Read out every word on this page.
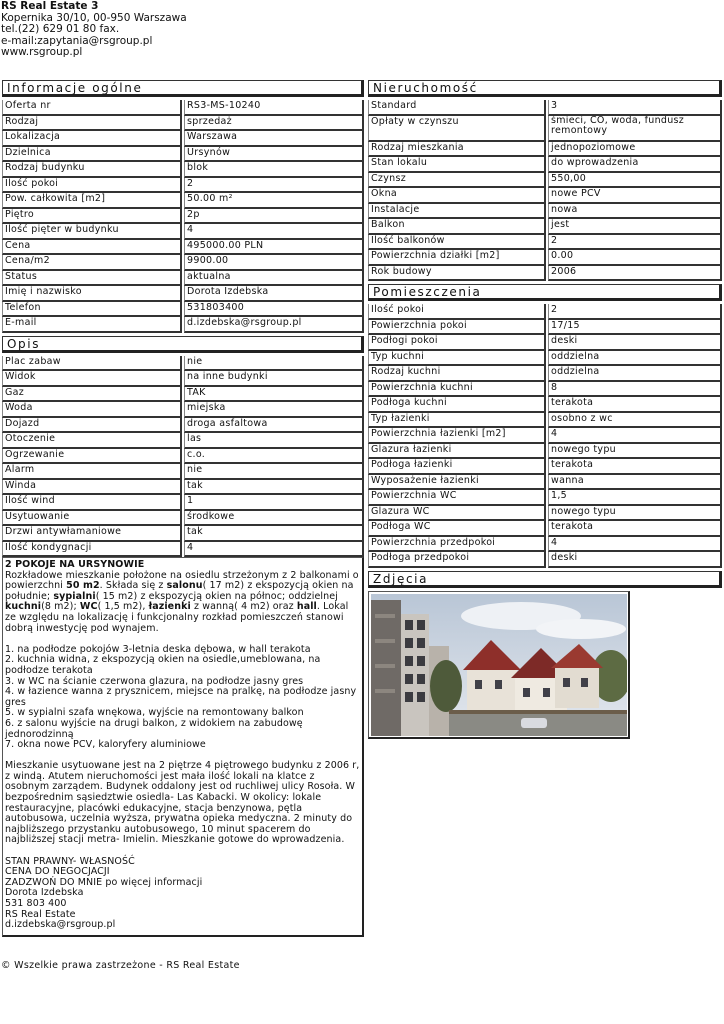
RS Real Estate 3
Kopernika 30/10, 00-950 Warszawa
tel.(22) 629 01 80 fax.
e-mail:zapytania@rsgroup.pl
www.rsgroup.pl
Informacje ogólne
Oferta nr	RS3-MS-10240
Rodzaj	sprzedaż
Lokalizacja	Warszawa
Dzielnica	Ursynów
Rodzaj budynku	blok
Ilość pokoi	2
Pow. całkowita [m2]	50.00 m²
Piętro	2p
Ilość pięter w budynku	4
Cena	495000.00 PLN
Cena/m2	9900.00
Status	aktualna
Imię i nazwisko	Dorota Izdebska
Telefon	531803400
E-mail	d.izdebska@rsgroup.pl
Opis
Plac zabaw	nie
Widok	na inne budynki
Gaz	TAK
Woda	miejska
Dojazd	droga asfaltowa
Otoczenie	las
Ogrzewanie	c.o.
Alarm	nie
Winda	tak
Ilość wind	1
Usytuowanie	środkowe
Drzwi antywłamaniowe	tak
Ilość kondygnacji	4

2 POKOJE NA URSYNOWIE

Rozkładowe mieszkanie położone na osiedlu strzeżonym z 2 balkonami o powierzchni 50 m2. Składa się z salonu( 17 m2) z ekspozycją okien na południe; sypialni( 15 m2) z ekspozycją okien na północ; oddzielnej kuchni(8 m2); WC( 1,5 m2), łazienki z wanną( 4 m2) oraz hall. Lokal ze względu na lokalizację i funkcjonalny rozkład pomieszczeń stanowi dobrą inwestycję pod wynajem.

1. na podłodze pokojów 3-letnia deska dębowa, w hall terakota

2. kuchnia widna, z ekspozycją okien na osiedle,umeblowana, na podłodze terakota

3. w WC na ścianie czerwona glazura, na podłodze jasny gres

4. w łazience wanna z prysznicem, miejsce na pralkę, na podłodze jasny gres

5. w sypialni szafa wnękowa, wyjście na remontowany balkon

6. z salonu wyjście na drugi balkon, z widokiem na zabudowę jednorodzinną

7. okna nowe PCV, kaloryfery aluminiowe

Mieszkanie usytuowane jest na 2 piętrze 4 piętrowego budynku z 2006 r, z windą. Atutem nieruchomości jest mała ilość lokali na klatce z osobnym zarządem. Budynek oddalony jest od ruchliwej ulicy Rosoła. W bezpośrednim sąsiedztwie osiedla- Las Kabacki. W okolicy: lokale restauracyjne, placówki edukacyjne, stacja benzynowa, pętla autobusowa, uczelnia wyższa, prywatna opieka medyczna. 2 minuty do najbliższego przystanku autobusowego, 10 minut spacerem do najbliższej stacji metra- Imielin. Mieszkanie gotowe do wprowadzenia.

STAN PRAWNY- WŁASNOŚĆ

CENA DO NEGOCJACJI

ZADZWOŃ DO MNIE po więcej informacji

Dorota Izdebska

531 803 400

RS Real Estate

d.izdebska@rsgroup.pl

Nieruchomość
Standard	3
Opłaty w czynszu	śmieci, CO, woda, fundusz remontowy
Rodzaj mieszkania	jednopoziomowe
Stan lokalu	do wprowadzenia
Czynsz	550,00
Okna	nowe PCV
Instalacje	nowa
Balkon	jest
Ilość balkonów	2
Powierzchnia działki [m2]	0.00
Rok budowy	2006
Pomieszczenia
Ilość pokoi	2
Powierzchnia pokoi	17/15
Podłogi pokoi	deski
Typ kuchni	oddzielna
Rodzaj kuchni	oddzielna
Powierzchnia kuchni	8
Podłoga kuchni	terakota
Typ łazienki	osobno z wc
Powierzchnia łazienki [m2]	4
Glazura łazienki	nowego typu
Podłoga łazienki	terakota
Wyposażenie łazienki	wanna
Powierzchnia WC	1,5
Glazura WC	nowego typu
Podłoga WC	terakota
Powierzchnia przedpokoi	4
Podłoga przedpokoi	deski
Zdjęcia
© Wszelkie prawa zastrzeżone - RS Real Estate
